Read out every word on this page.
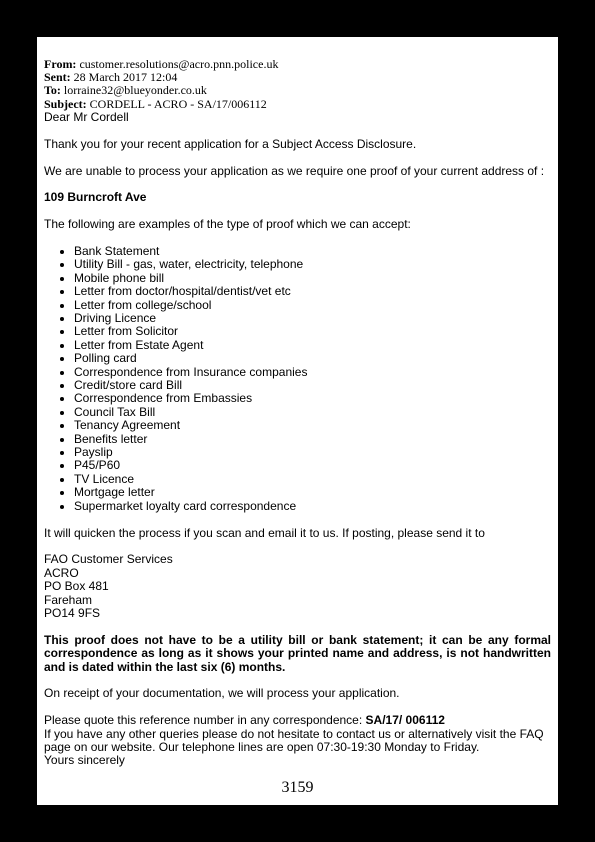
From: customer.resolutions@acro.pnn.police.uk
Sent: 28 March 2017 12:04
To: lorraine32@blueyonder.co.uk
Subject: CORDELL - ACRO - SA/17/006112

Dear Mr Cordell

Thank you for your recent application for a Subject Access Disclosure.

We are unable to process your application as we require one proof of your current address of :

109 Burncroft Ave

The following are examples of the type of proof which we can accept:

• Bank Statement
• Utility Bill - gas, water, electricity, telephone
• Mobile phone bill
• Letter from doctor/hospital/dentist/vet etc
• Letter from college/school
• Driving Licence
• Letter from Solicitor
• Letter from Estate Agent
• Polling card
• Correspondence from Insurance companies
• Credit/store card Bill
• Correspondence from Embassies
• Council Tax Bill
• Tenancy Agreement
• Benefits letter
• Payslip
• P45/P60
• TV Licence
• Mortgage letter
• Supermarket loyalty card correspondence

It will quicken the process if you scan and email it to us. If posting, please send it to

FAO Customer Services
ACRO
PO Box 481
Fareham
PO14 9FS

This proof does not have to be a utility bill or bank statement; it can be any formal correspondence as long as it shows your printed name and address, is not handwritten and is dated within the last six (6) months.

On receipt of your documentation, we will process your application.

Please quote this reference number in any correspondence: SA/17/ 006112

If you have any other queries please do not hesitate to contact us or alternatively visit the FAQ page on our website. Our telephone lines are open 07:30-19:30 Monday to Friday.

Yours sincerely

3159
